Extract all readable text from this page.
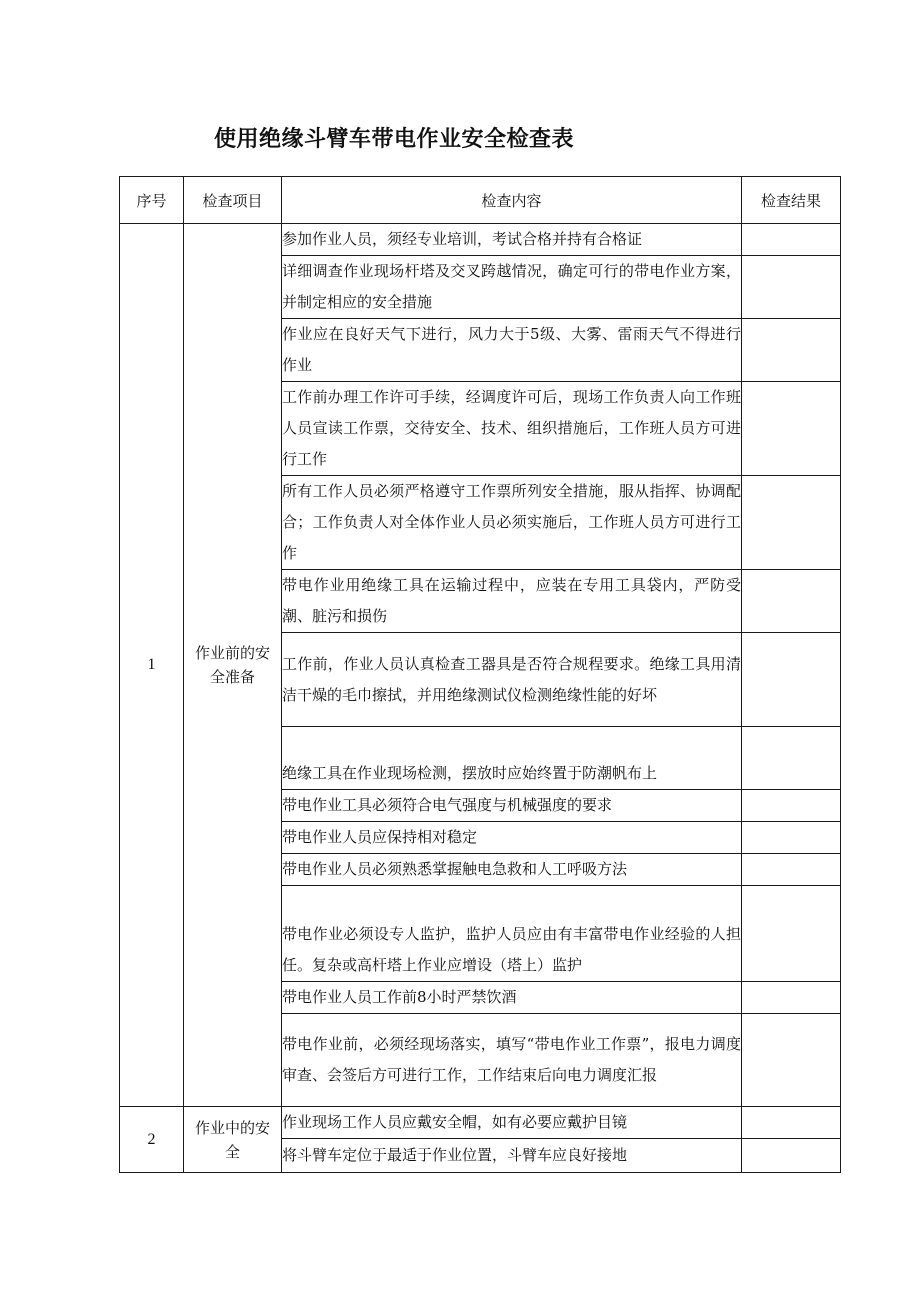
使用绝缘斗臂车带电作业安全检查表
序号	检查项目	检查内容	检查结果
1	作业前的安全准备	参加作业人员，须经专业培训，考试合格并持有合格证	
		详细调查作业现场杆塔及交叉跨越情况，确定可行的带电作业方案，并制定相应的安全措施	
		作业应在良好天气下进行，风力大于5级、大雾、雷雨天气不得进行作业	
		工作前办理工作许可手续，经调度许可后，现场工作负责人向工作班人员宣读工作票，交待安全、技术、组织措施后，工作班人员方可进行工作	
		所有工作人员必须严格遵守工作票所列安全措施，服从指挥、协调配合；工作负责人对全体作业人员必须实施后，工作班人员方可进行工作	
		带电作业用绝缘工具在运输过程中，应装在专用工具袋内，严防受潮、脏污和损伤	
		工作前，作业人员认真检查工器具是否符合规程要求。绝缘工具用清洁干燥的毛巾擦拭，并用绝缘测试仪检测绝缘性能的好坏	
		绝缘工具在作业现场检测，摆放时应始终置于防潮帆布上	
		带电作业工具必须符合电气强度与机械强度的要求	
		带电作业人员应保持相对稳定	
		带电作业人员必须熟悉掌握触电急救和人工呼吸方法	
		带电作业必须设专人监护，监护人员应由有丰富带电作业经验的人担任。复杂或高杆塔上作业应增设（塔上）监护	
		带电作业人员工作前8小时严禁饮酒	
		带电作业前，必须经现场落实，填写“带电作业工作票”，报电力调度审查、会签后方可进行工作，工作结束后向电力调度汇报	
2	作业中的安全	作业现场工作人员应戴安全帽，如有必要应戴护目镜	
		将斗臂车定位于最适于作业位置，斗臂车应良好接地	
